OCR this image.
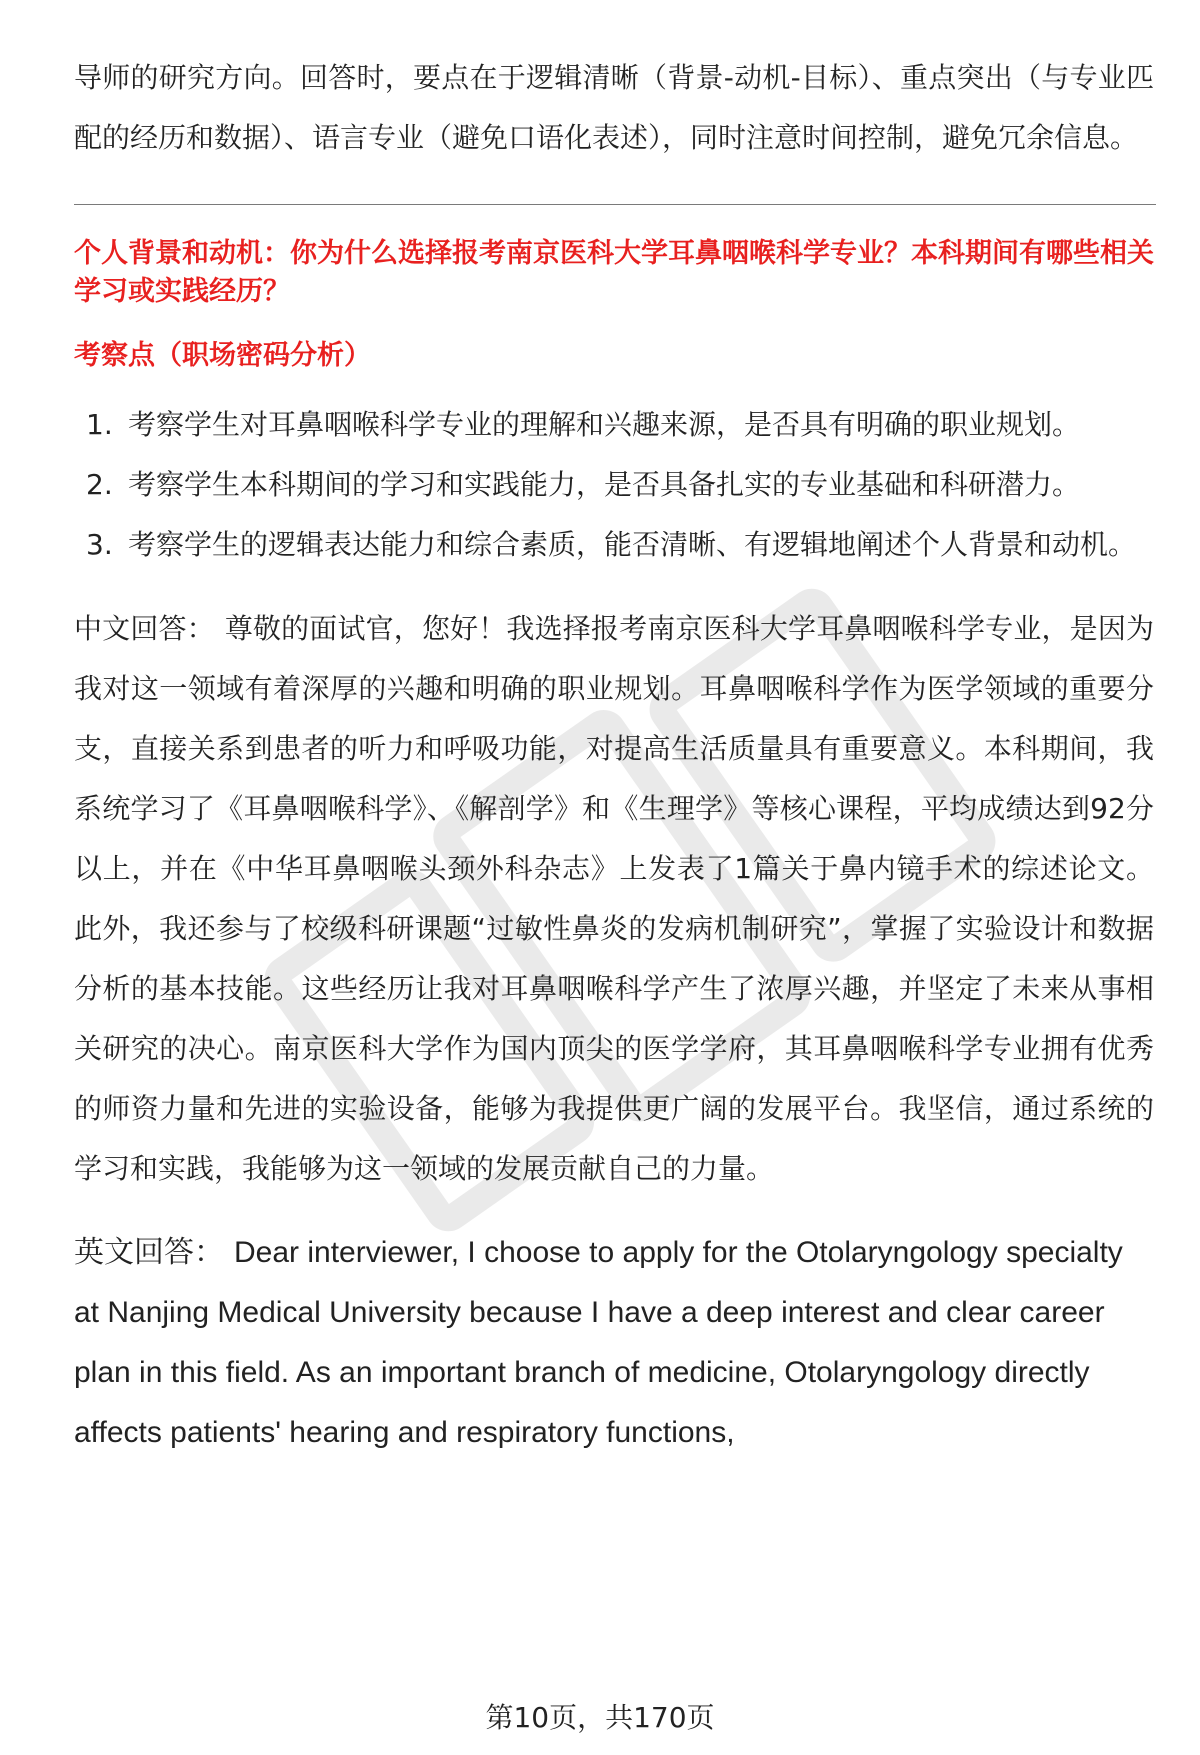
导师的研究方向。回答时，要点在于逻辑清晰（背景-动机-目标）、重点突出（与专业匹配的经历和数据）、语言专业（避免口语化表述），同时注意时间控制，避免冗余信息。

个人背景和动机：你为什么选择报考南京医科大学耳鼻咽喉科学专业？本科期间有哪些相关学习或实践经历？

考察点（职场密码分析）

1. 考察学生对耳鼻咽喉科学专业的理解和兴趣来源，是否具有明确的职业规划。
2. 考察学生本科期间的学习和实践能力，是否具备扎实的专业基础和科研潜力。
3. 考察学生的逻辑表达能力和综合素质，能否清晰、有逻辑地阐述个人背景和动机。

中文回答： 尊敬的面试官，您好！我选择报考南京医科大学耳鼻咽喉科学专业，是因为我对这一领域有着深厚的兴趣和明确的职业规划。耳鼻咽喉科学作为医学领域的重要分支，直接关系到患者的听力和呼吸功能，对提高生活质量具有重要意义。本科期间，我系统学习了《耳鼻咽喉科学》、《解剖学》和《生理学》等核心课程，平均成绩达到92分以上，并在《中华耳鼻咽喉头颈外科杂志》上发表了1篇关于鼻内镜手术的综述论文。此外，我还参与了校级科研课题“过敏性鼻炎的发病机制研究”，掌握了实验设计和数据分析的基本技能。这些经历让我对耳鼻咽喉科学产生了浓厚兴趣，并坚定了未来从事相关研究的决心。南京医科大学作为国内顶尖的医学学府，其耳鼻咽喉科学专业拥有优秀的师资力量和先进的实验设备，能够为我提供更广阔的发展平台。我坚信，通过系统的学习和实践，我能够为这一领域的发展贡献自己的力量。

英文回答： Dear interviewer, I choose to apply for the Otolaryngology specialty at Nanjing Medical University because I have a deep interest and clear career plan in this field. As an important branch of medicine, Otolaryngology directly affects patients' hearing and respiratory functions,

第10页，共170页
